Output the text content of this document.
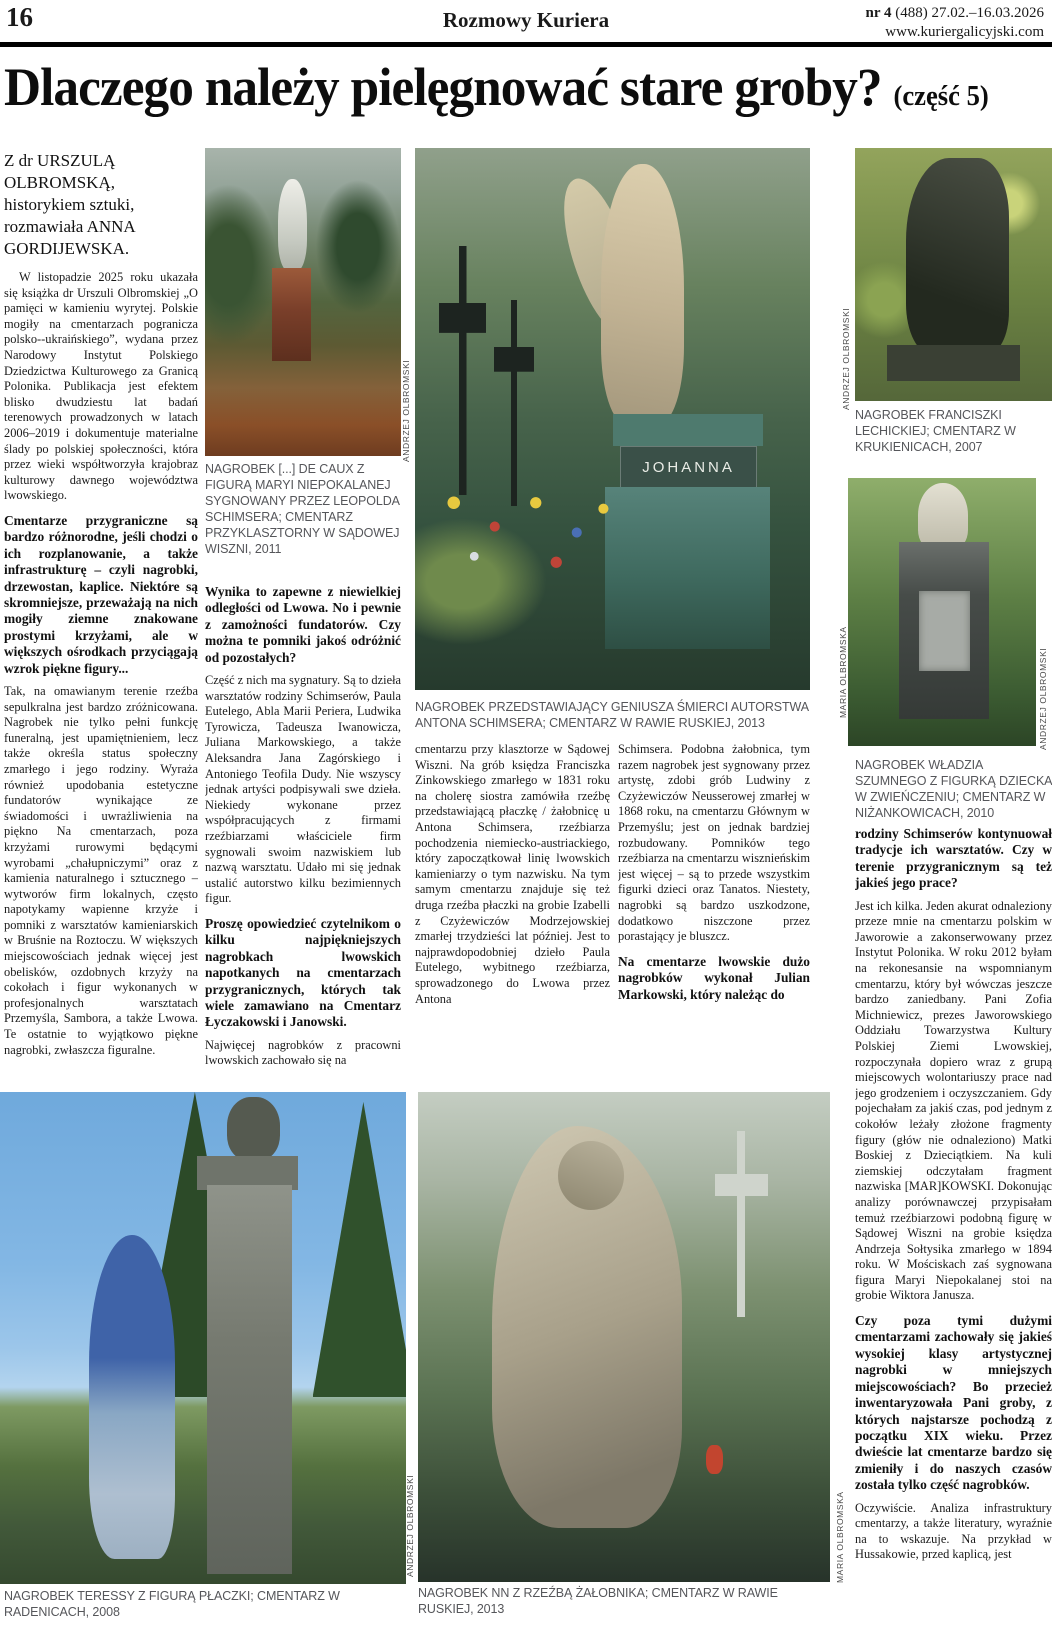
16	Rozmowy Kuriera	nr 4 (488) 27.02.–16.03.2026
www.kuriergalicyjski.com
Dlaczego należy pielęgnować stare groby? (część 5)

Z dr URSZULĄ OLBROMSKĄ, historykiem sztuki, rozmawiała ANNA GORDIJEWSKA.

W listopadzie 2025 roku ukazała się książka dr Urszuli Olbromskiej „O pamięci w kamieniu wyrytej. Polskie mogiły na cmentarzach pogranicza polsko--ukraińskiego”, wydana przez Narodowy Instytut Polskiego Dziedzictwa Kulturowego za Granicą Polonika. Publikacja jest efektem blisko dwudziestu lat badań terenowych prowadzonych w latach 2006–2019 i dokumentuje materialne ślady po polskiej społeczności, która przez wieki współtworzyła krajobraz kulturowy dawnego województwa lwowskiego.

Cmentarze przygraniczne są bardzo różnorodne, jeśli chodzi o ich rozplanowanie, a także infrastrukturę – czyli nagrobki, drzewostan, kaplice. Niektóre są skromniejsze, przeważają na nich mogiły ziemne znakowane prostymi krzyżami, ale w większych ośrodkach przyciągają wzrok piękne figury...

Tak, na omawianym terenie rzeźba sepulkralna jest bardzo zróżnicowana. Nagrobek nie tylko pełni funkcję funeralną, jest upamiętnieniem, lecz także określa status społeczny zmarłego i jego rodziny. Wyraża również upodobania estetyczne fundatorów wynikające ze świadomości i uwrażliwienia na piękno Na cmentarzach, poza krzyżami rurowymi będącymi wyrobami „chałupniczymi” oraz z kamienia naturalnego i sztucznego – wytworów firm lokalnych, często napotykamy wapienne krzyże i pomniki z warsztatów kamieniarskich w Bruśnie na Roztoczu. W większych miejscowościach jednak więcej jest obelisków, ozdobnych krzyży na cokołach i figur wykonanych w profesjonalnych warsztatach Przemyśla, Sambora, a także Lwowa. Te ostatnie to wyjątkowo piękne nagrobki, zwłaszcza figuralne.

ANDRZEJ OLBROMSKI
NAGROBEK [...] DE CAUX Z FIGURĄ MARYI NIEPOKALANEJ SYGNOWANY PRZEZ LEOPOLDA SCHIMSERA; CMENTARZ PRZYKLASZTORNY W SĄDOWEJ WISZNI, 2011

Wynika to zapewne z niewielkiej odległości od Lwowa. No i pewnie z zamożności fundatorów. Czy można te pomniki jakoś odróżnić od pozostałych?

Część z nich ma sygnatury. Są to dzieła warsztatów rodziny Schimserów, Paula Eutelego, Abla Marii Periera, Ludwika Tyrowicza, Tadeusza Iwanowicza, Juliana Markowskiego, a także Aleksandra Jana Zagórskiego i Antoniego Teofila Dudy. Nie wszyscy jednak artyści podpisywali swe dzieła. Niekiedy wykonane przez współpracujących z firmami rzeźbiarzami właściciele firm sygnowali swoim nazwiskiem lub nazwą warsztatu. Udało mi się jednak ustalić autorstwo kilku bezimiennych figur.

Proszę opowiedzieć czytelnikom o kilku najpiękniejszych nagrobkach lwowskich napotkanych na cmentarzach przygranicznych, których tak wiele zamawiano na Cmentarz Łyczakowski i Janowski.

Najwięcej nagrobków z pracowni lwowskich zachowało się na

JOHANNA
MARIA OLBROMSKA
NAGROBEK PRZEDSTAWIAJĄCY GENIUSZA ŚMIERCI AUTORSTWA ANTONA SCHIMSERA; CMENTARZ W RAWIE RUSKIEJ, 2013

cmentarzu przy klasztorze w Sądowej Wiszni. Na grób księdza Franciszka Zinkowskiego zmarłego w 1831 roku na cholerę siostra zamówiła rzeźbę przedstawiającą płaczkę / żałobnicę u Antona Schimsera, rzeźbiarza pochodzenia niemiecko-austriackiego, który zapoczątkował linię lwowskich kamieniarzy o tym nazwisku. Na tym samym cmentarzu znajduje się też druga rzeźba płaczki na grobie Izabelli z Czyżewiczów Modrzejowskiej zmarłej trzydzieści lat później. Jest to najprawdopodobniej dzieło Paula Eutelego, wybitnego rzeźbiarza, sprowadzonego do Lwowa przez Antona

Schimsera. Podobna żałobnica, tym razem nagrobek jest sygnowany przez artystę, zdobi grób Ludwiny z Czyżewiczów Neusserowej zmarłej w 1868 roku, na cmentarzu Głównym w Przemyślu; jest on jednak bardziej rozbudowany. Pomników tego rzeźbiarza na cmentarzu wisznieńskim jest więcej – są to przede wszystkim figurki dzieci oraz Tanatos. Niestety, nagrobki są bardzo uszkodzone, dodatkowo niszczone przez porastający je bluszcz.

Na cmentarze lwowskie dużo nagrobków wykonał Julian Markowski, który należąc do

ANDRZEJ OLBROMSKI
NAGROBEK FRANCISZKI LECHICKIEJ; CMENTARZ W KRUKIENICACH, 2007
ANDRZEJ OLBROMSKI
NAGROBEK WŁADZIA SZUMNEGO Z FIGURKĄ DZIECKA W ZWIEŃCZENIU; CMENTARZ W NIŻANKOWICACH, 2010

rodziny Schimserów kontynuował tradycje ich warsztatów. Czy w terenie przygranicznym są też jakieś jego prace?

Jest ich kilka. Jeden akurat odnaleziony przeze mnie na cmentarzu polskim w Jaworowie a zakonserwowany przez Instytut Polonika. W roku 2012 byłam na rekonesansie na wspomnianym cmentarzu, który był wówczas jeszcze bardzo zaniedbany. Pani Zofia Michniewicz, prezes Jaworowskiego Oddziału Towarzystwa Kultury Polskiej Ziemi Lwowskiej, rozpoczynała dopiero wraz z grupą miejscowych wolontariuszy prace nad jego grodzeniem i oczyszczaniem. Gdy pojechałam za jakiś czas, pod jednym z cokołów leżały złożone fragmenty figury (głów nie odnaleziono) Matki Boskiej z Dzieciątkiem. Na kuli ziemskiej odczytałam fragment nazwiska [MAR]KOWSKI. Dokonując analizy porównawczej przypisałam temuż rzeźbiarzowi podobną figurę w Sądowej Wiszni na grobie księdza Andrzeja Sołtysika zmarłego w 1894 roku. W Mościskach zaś sygnowana figura Maryi Niepokalanej stoi na grobie Wiktora Janusza.

Czy poza tymi dużymi cmentarzami zachowały się jakieś wysokiej klasy artystycznej nagrobki w mniejszych miejscowościach? Bo przecież inwentaryzowała Pani groby, z których najstarsze pochodzą z początku XIX wieku. Przez dwieście lat cmentarze bardzo się zmieniły i do naszych czasów została tylko część nagrobków.

Oczywiście. Analiza infrastruktury cmentarzy, a także literatury, wyraźnie na to wskazuje. Na przykład w Hussakowie, przed kaplicą, jest

ANDRZEJ OLBROMSKI
NAGROBEK TERESSY Z FIGURĄ PŁACZKI; CMENTARZ W RADENICACH, 2008
MARIA OLBROMSKA
NAGROBEK NN Z RZEŹBĄ ŻAŁOBNIKA; CMENTARZ W RAWIE RUSKIEJ, 2013
